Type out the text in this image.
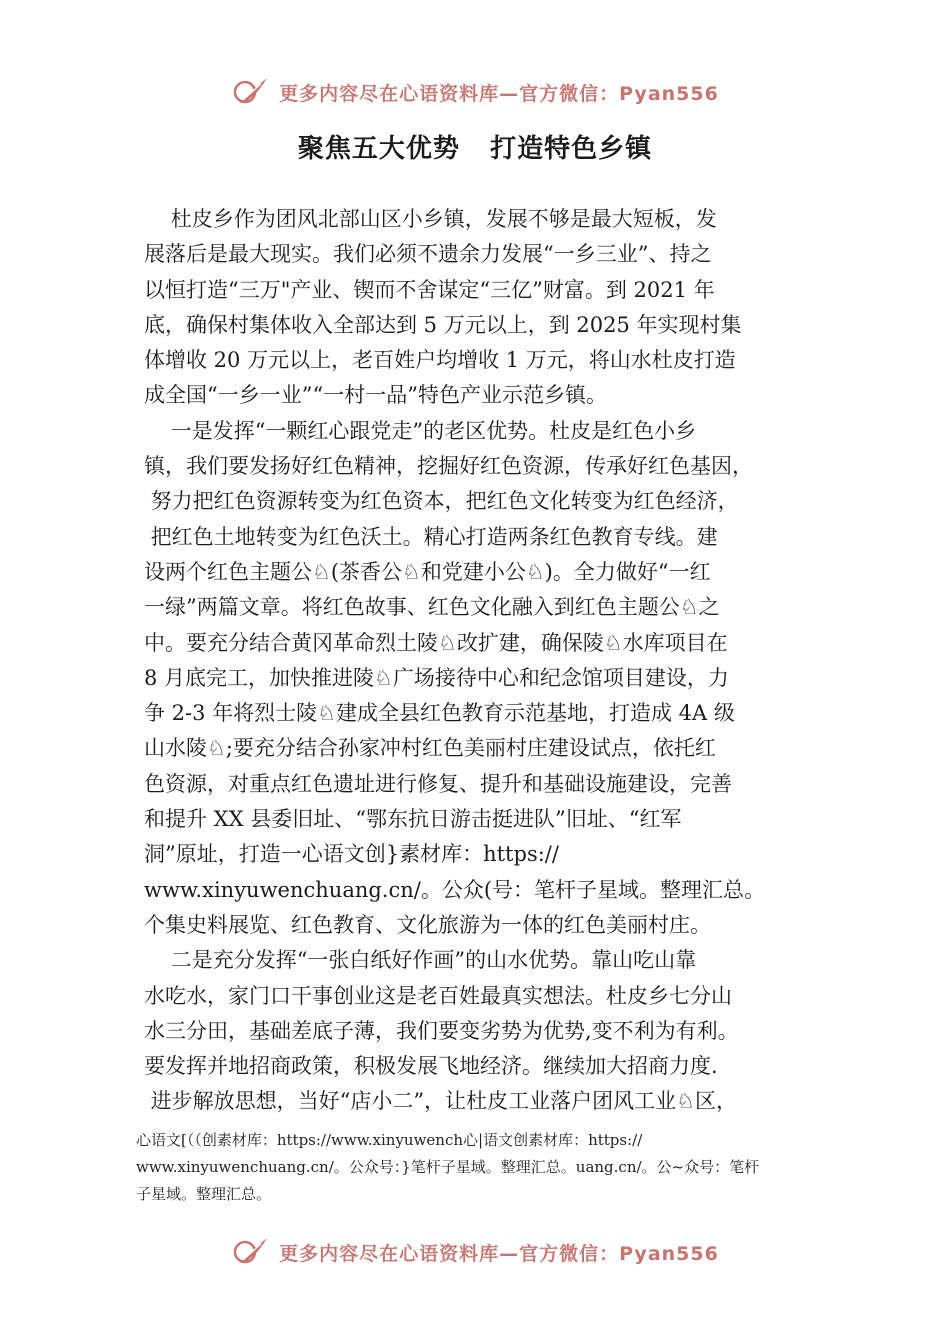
更多内容尽在心语资料库—官方微信：Pyan556
聚焦五大优势   打造特色乡镇
杜皮乡作为团风北部山区小乡镇，发展不够是最大短板，发
展落后是最大现实。我们必须不遗余力发展“一乡三业”、持之
以恒打造“三万"产业、锲而不舍谋定“三亿”财富。到 2021 年
底，确保村集体收入全部达到 5 万元以上，到 2025 年实现村集
体增收 20 万元以上，老百姓户均增收 1 万元，将山水杜皮打造
成全国“一乡一业”“一村一品”特色产业示范乡镇。
一是发挥“一颗红心跟党走”的老区优势。杜皮是红色小乡
镇，我们要发扬好红色精神，挖掘好红色资源，传承好红色基因，
努力把红色资源转变为红色资本，把红色文化转变为红色经济，
把红色土地转变为红色沃土。精心打造两条红色教育专线。建
设两个红色主题公♘(茶香公♘和党建小公♘)。全力做好“一红
一绿”两篇文章。将红色故事、红色文化融入到红色主题公♘之
中。要充分结合黄冈革命烈土陵♘改扩建，确保陵♘水库项目在
8 月底完工，加快推进陵♘广场接待中心和纪念馆项目建设，力
争 2-3 年将烈士陵♘建成全县红色教育示范基地，打造成 4A 级
山水陵♘;要充分结合孙家冲村红色美丽村庄建设试点，依托红
色资源，对重点红色遗址进行修复、提升和基础设施建设，完善
和提升 XX 县委旧址、“鄂东抗日游击挺进队”旧址、“红军
洞”原址，打造一心语文创}素材库：https://
www.xinyuwenchuang.cn/。公众(号：笔杆子星域。整理汇总。
个集史料展览、红色教育、文化旅游为一体的红色美丽村庄。
二是充分发挥“一张白纸好作画”的山水优势。靠山吃山靠
水吃水，家门口干事创业这是老百姓最真实想法。杜皮乡七分山
水三分田，基础差底子薄，我们要变劣势为优势,变不利为有利。
要发挥并地招商政策，积极发展飞地经济。继续加大招商力度.
进步解放思想，当好“店小二”，让杜皮工业落户团风工业♘区，
心语文[（（创素材库：https://www.xinyuwench心|语文创素材库：https://
www.xinyuwenchuang.cn/。公众号：}笔杆子星域。整理汇总。uang.cn/。公~众号：笔杆
子星域。整理汇总。
更多内容尽在心语资料库—官方微信：Pyan556
